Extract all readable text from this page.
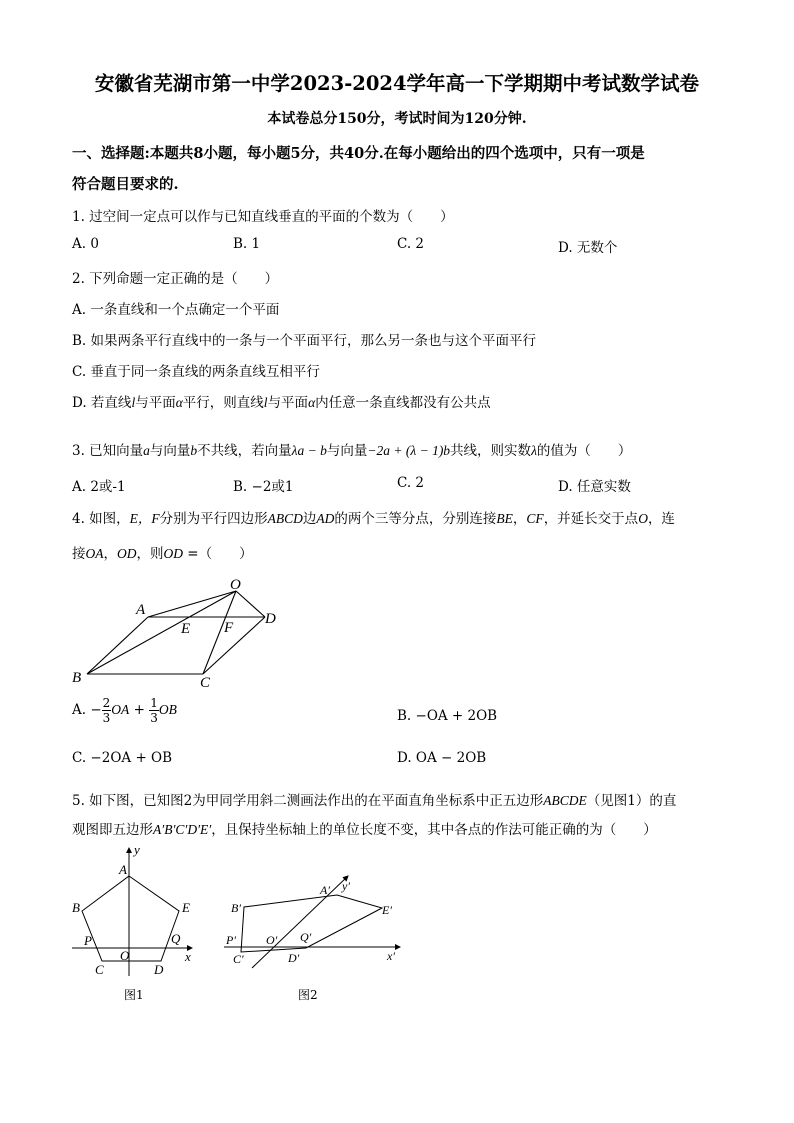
安徽省芜湖市第一中学2023-2024学年高一下学期期中考试数学试卷
本试卷总分150分，考试时间为120分钟.
一、选择题:本题共8小题，每小题5分，共40分.在每小题给出的四个选项中，只有一项是
符合题目要求的.
1. 过空间一定点可以作与已知直线垂直的平面的个数为（　　）
A. 0	B. 1	C. 2	D. 无数个
2. 下列命题一定正确的是（　　）
A. 一条直线和一个点确定一个平面
B. 如果两条平行直线中的一条与一个平面平行，那么另一条也与这个平面平行
C. 垂直于同一条直线的两条直线互相平行
D. 若直线l与平面α平行，则直线l与平面α内任意一条直线都没有公共点
3. 已知向量a与向量b不共线，若向量λa − b与向量−2a + (λ − 1)b共线，则实数λ的值为（　　）
A. 2或-1	B. −2或1	C. 2	D. 任意实数
4. 如图，E，F分别为平行四边形ABCD边AD的两个三等分点，分别连接BE，CF，并延长交于点O，连
接OA，OD，则OD =（　　）
O
A
E F
D
B	C
A. − $\frac{2}{3}$ OA + $\frac{1}{3}$ OB	B. −OA + 2OB
C. −2OA + OB	D. OA − 2OB
5. 如下图，已知图2为甲同学用斜二测画法作出的在平面直角坐标系中正五边形ABCDE（见图1）的直
观图即五边形A′B′C′D′E′，且保持坐标轴上的单位长度不变，其中各点的作法可能正确的为（　　）
y
x
A
B	E
P	Q
O
C	D
图1
y′
x′
A′
B′	E′
P′	O′ Q′
C′	D′
图2
